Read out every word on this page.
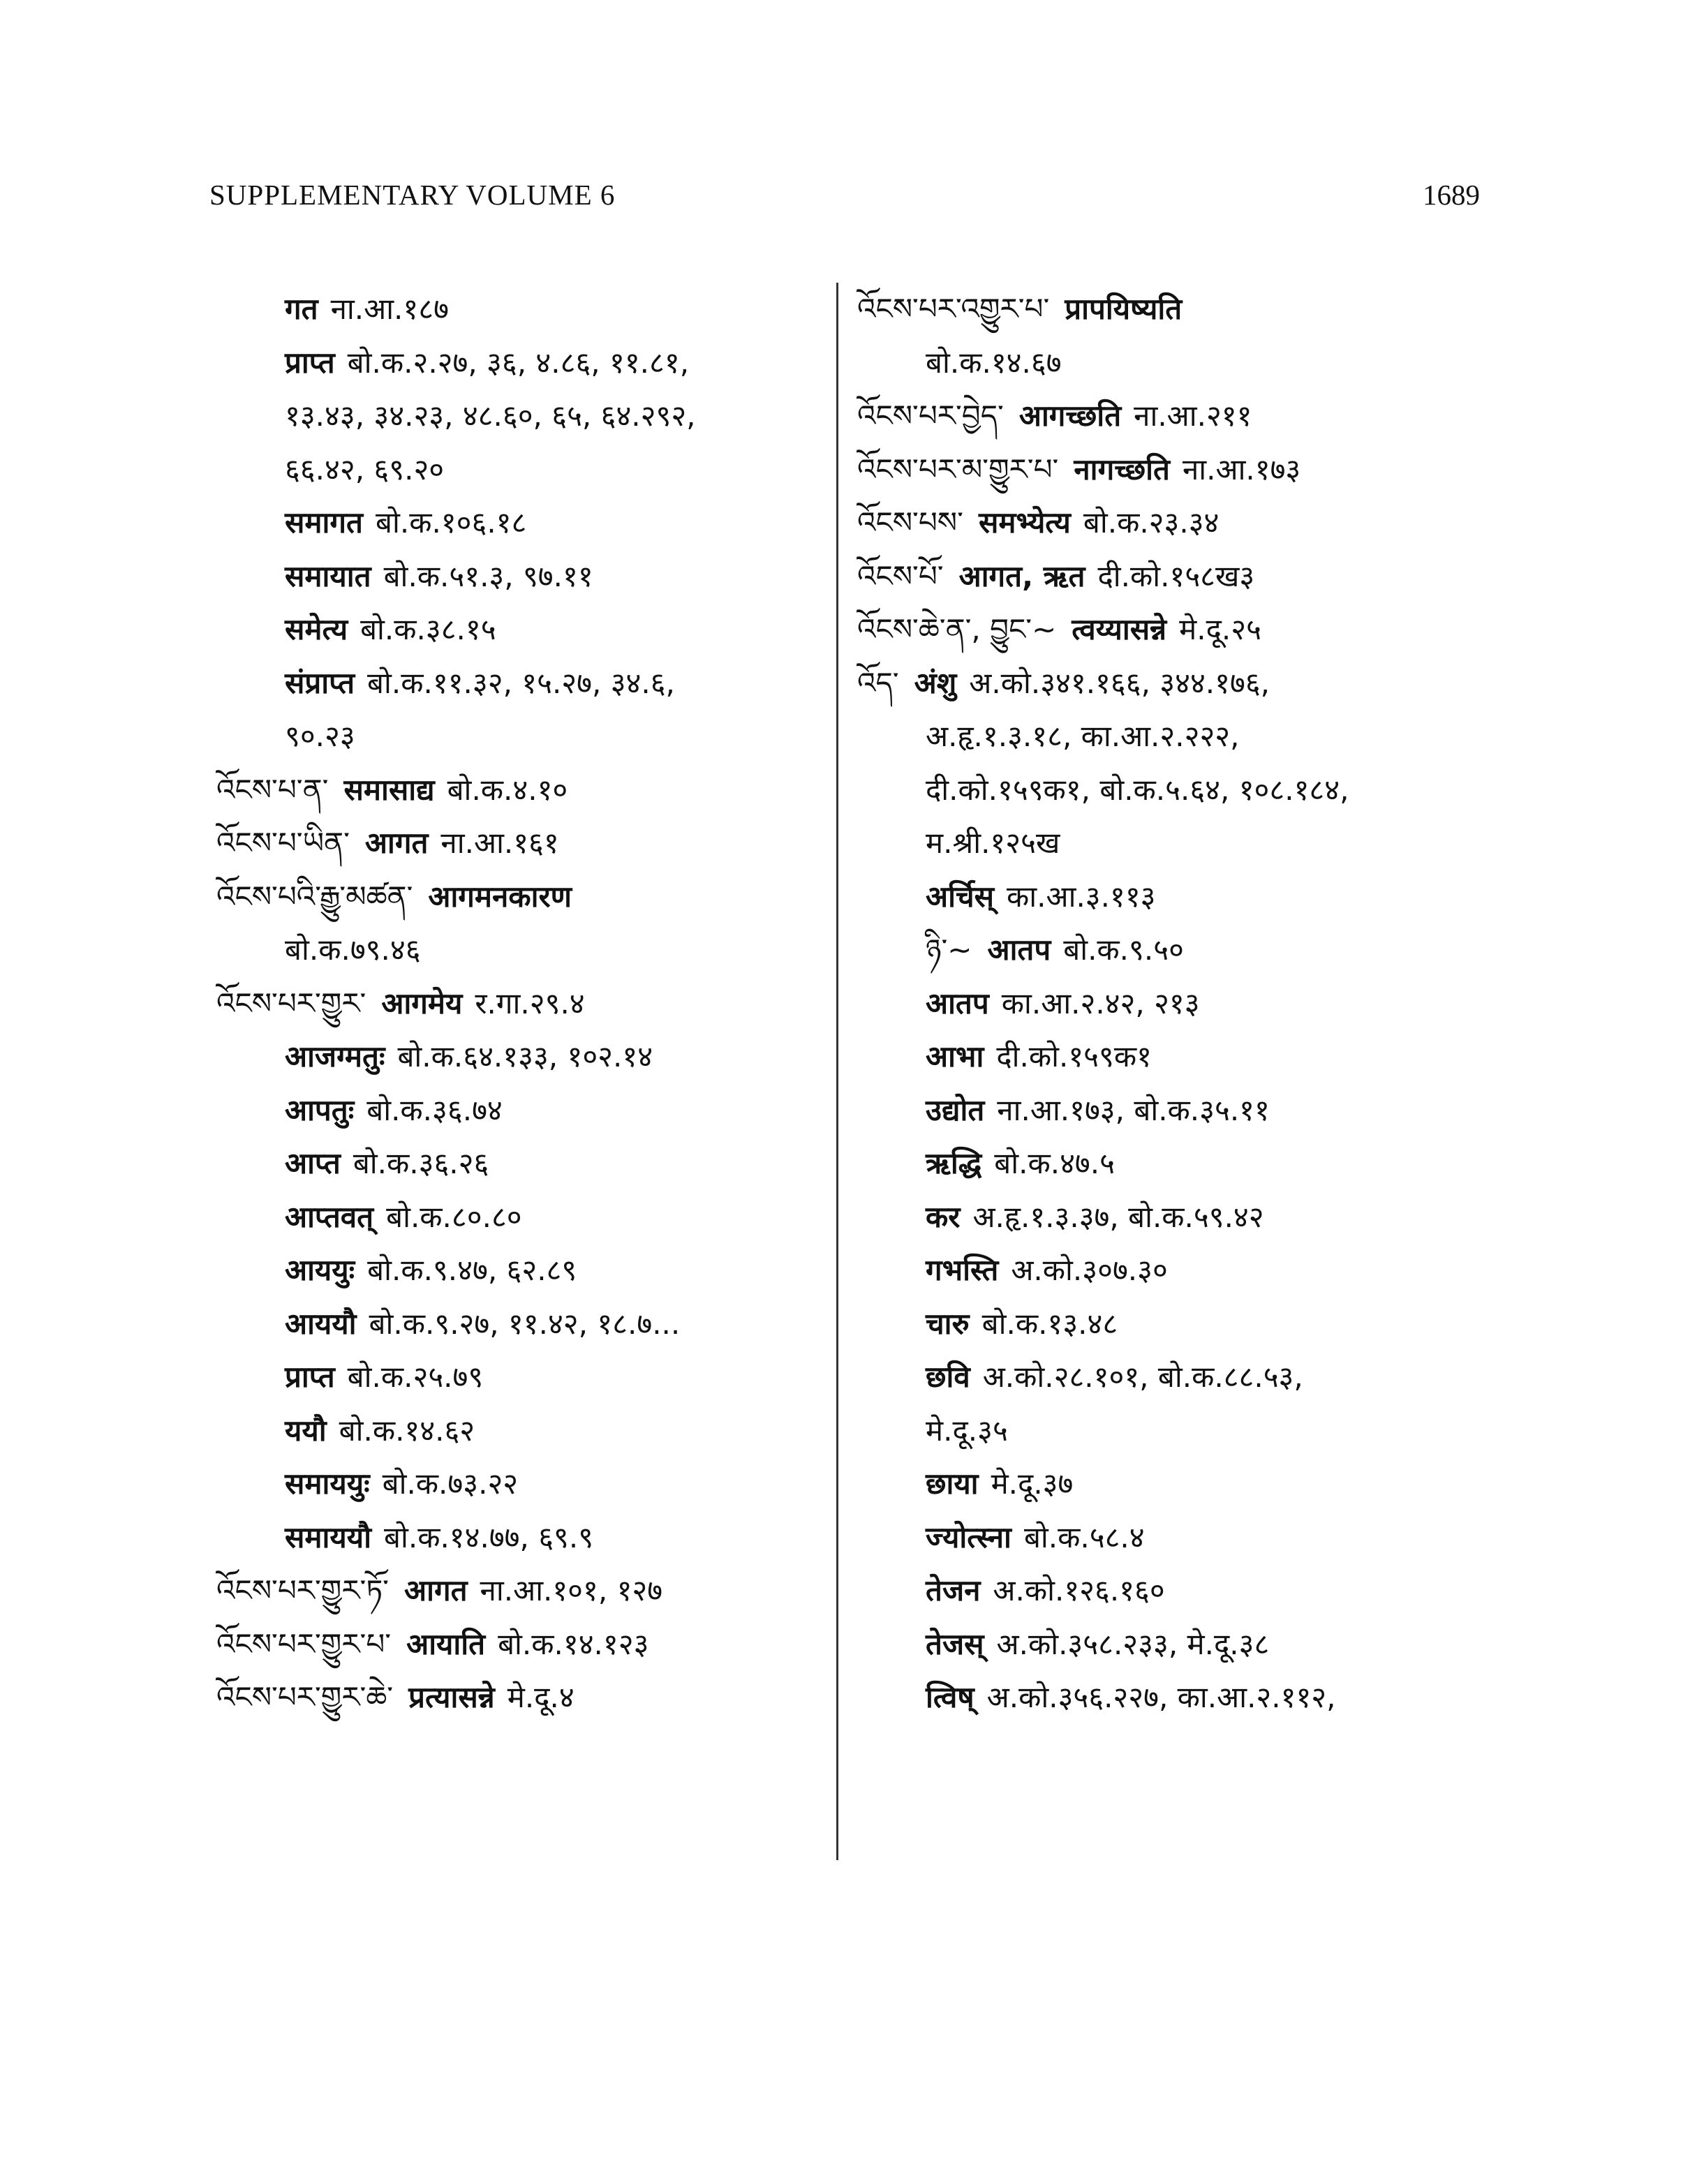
SUPPLEMENTARY VOLUME 6	1689
गत ना.आ.१८७
प्राप्त बो.क.२.२७, ३६, ४.८६, ११.८१,
१३.४३, ३४.२३, ४८.६०, ६५, ६४.२९२,
६६.४२, ६९.२०
समागत बो.क.१०६.१८
समायात बो.क.५१.३, ९७.११
समेत्य बो.क.३८.१५
संप्राप्त बो.क.११.३२, १५.२७, ३४.६,
९०.२३
འོངས་པ་ན་ समासाद्य बो.क.४.१०
འོངས་པ་ཡིན་ आगत ना.आ.१६१
འོངས་པའི་རྒྱུ་མཚན་ आगमनकारण
बो.क.७९.४६
འོངས་པར་གྱུར་ आगमेय र.गा.२९.४
आजग्मतुः बो.क.६४.१३३, १०२.१४
आपतुः बो.क.३६.७४
आप्त बो.क.३६.२६
आप्तवत् बो.क.८०.८०
आययुः बो.क.९.४७, ६२.८९
आययौ बो.क.९.२७, ११.४२, १८.७...
प्राप्त बो.क.२५.७९
ययौ बो.क.१४.६२
समाययुः बो.क.७३.२२
समाययौ बो.क.१४.७७, ६९.९
འོངས་པར་གྱུར་ཏོ་ आगत ना.आ.१०१, १२७
འོངས་པར་གྱུར་པ་ आयाति बो.क.१४.१२३
འོངས་པར་གྱུར་ཆེ་ प्रत्यासन्ने मे.दू.४
འོངས་པར་འགྱུར་པ་ प्रापयिष्यति
बो.क.१४.६७
འོངས་པར་བྱེད་ आगच्छति ना.आ.२११
འོངས་པར་མ་གྱུར་པ་ नागच्छति ना.आ.१७३
འོངས་པས་ समभ्येत्य बो.क.२३.३४
འོངས་པོ་ आगत, ऋत दी.को.१५८ख३
འོངས་ཆེ་ན་, བྱུང་~ त्वय्यासन्ने मे.दू.२५
འོད་ अंशु अ.को.३४१.१६६, ३४४.१७६,
अ.हृ.१.३.१८, का.आ.२.२२२,
दी.को.१५९क१, बो.क.५.६४, १०८.१८४,
म.श्री.१२५ख
अर्चिस् का.आ.३.११३
ཉི་~ आतप बो.क.९.५०
आतप का.आ.२.४२, २१३
आभा दी.को.१५९क१
उद्योत ना.आ.१७३, बो.क.३५.११
ऋद्धि बो.क.४७.५
कर अ.हृ.१.३.३७, बो.क.५९.४२
गभस्ति अ.को.३०७.३०
चारु बो.क.१३.४८
छवि अ.को.२८.१०१, बो.क.८८.५३,
मे.दू.३५
छाया मे.दू.३७
ज्योत्स्ना बो.क.५८.४
तेजन अ.को.१२६.१६०
तेजस् अ.को.३५८.२३३, मे.दू.३८
त्विष् अ.को.३५६.२२७, का.आ.२.११२,
